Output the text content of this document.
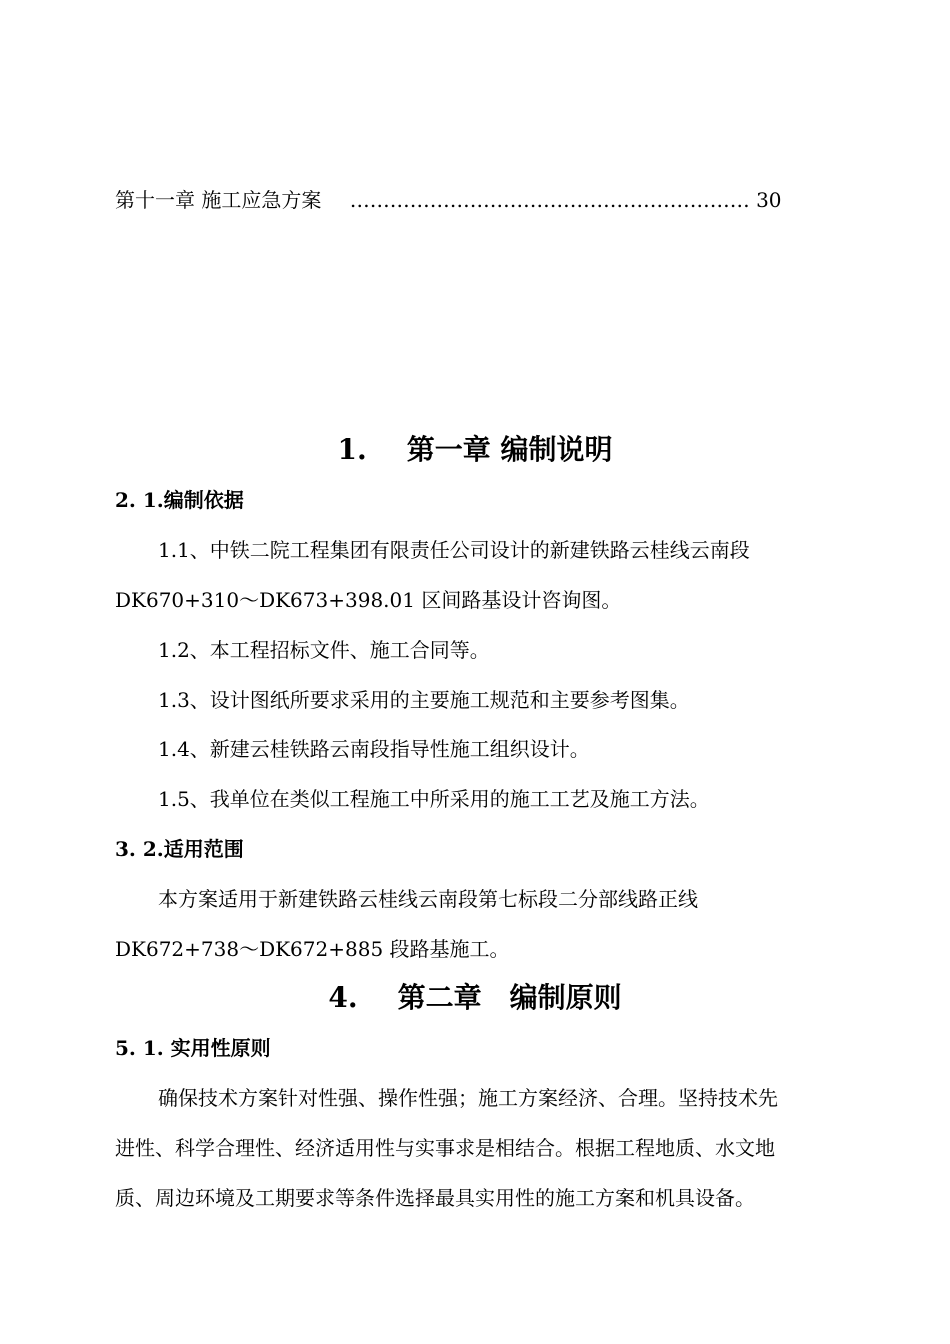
第十一章 施工应急方案 …………………………………………………… 30
1. 第一章 编制说明
2. 1.编制依据
1.1、中铁二院工程集团有限责任公司设计的新建铁路云桂线云南段
DK670+310～DK673+398.01 区间路基设计咨询图。
1.2、本工程招标文件、施工合同等。
1.3、设计图纸所要求采用的主要施工规范和主要参考图集。
1.4、新建云桂铁路云南段指导性施工组织设计。
1.5、我单位在类似工程施工中所采用的施工工艺及施工方法。
3. 2.适用范围
本方案适用于新建铁路云桂线云南段第七标段二分部线路正线
DK672+738～DK672+885 段路基施工。
4. 第二章　编制原则
5. 1. 实用性原则
确保技术方案针对性强、操作性强；施工方案经济、合理。坚持技术先
进性、科学合理性、经济适用性与实事求是相结合。根据工程地质、水文地
质、周边环境及工期要求等条件选择最具实用性的施工方案和机具设备。
